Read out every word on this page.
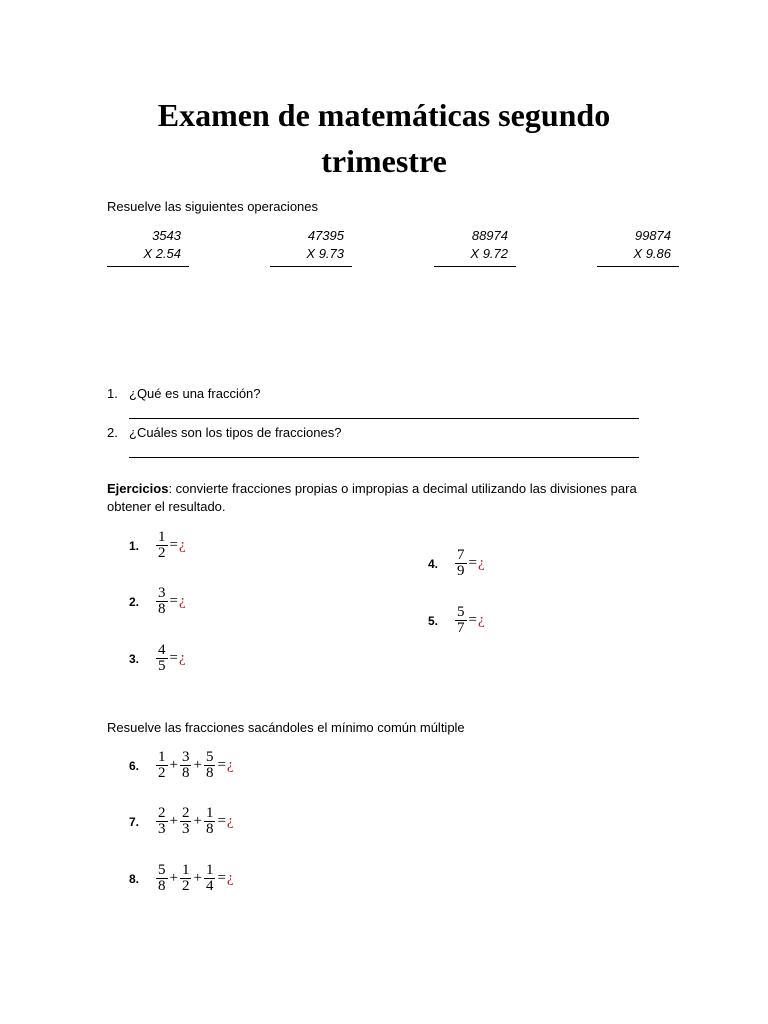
Examen de matemáticas segundo
trimestre
Resuelve las siguientes operaciones
3543
X 2.54
47395
X 9.73
88974
X 9.72
99874
X 9.86
1. ¿Qué es una fracción?
2. ¿Cuáles son los tipos de fracciones?
Ejercicios: convierte fracciones propias o impropias a decimal utilizando las divisiones para
obtener el resultado.
1.	$\frac{1}{2}$ = ¿
2.	$\frac{3}{8}$ = ¿
3.	$\frac{4}{5}$ = ¿
4.	$\frac{7}{9}$ = ¿
5.	$\frac{5}{7}$ = ¿
Resuelve las fracciones sacándoles el mínimo común múltiple
6.	$\frac{1}{2} + \frac{3}{8} + \frac{5}{8}$ = ¿
7.	$\frac{2}{3} + \frac{2}{3} + \frac{1}{8}$ = ¿
8.	$\frac{5}{8} + \frac{1}{2} + \frac{1}{4}$ = ¿
